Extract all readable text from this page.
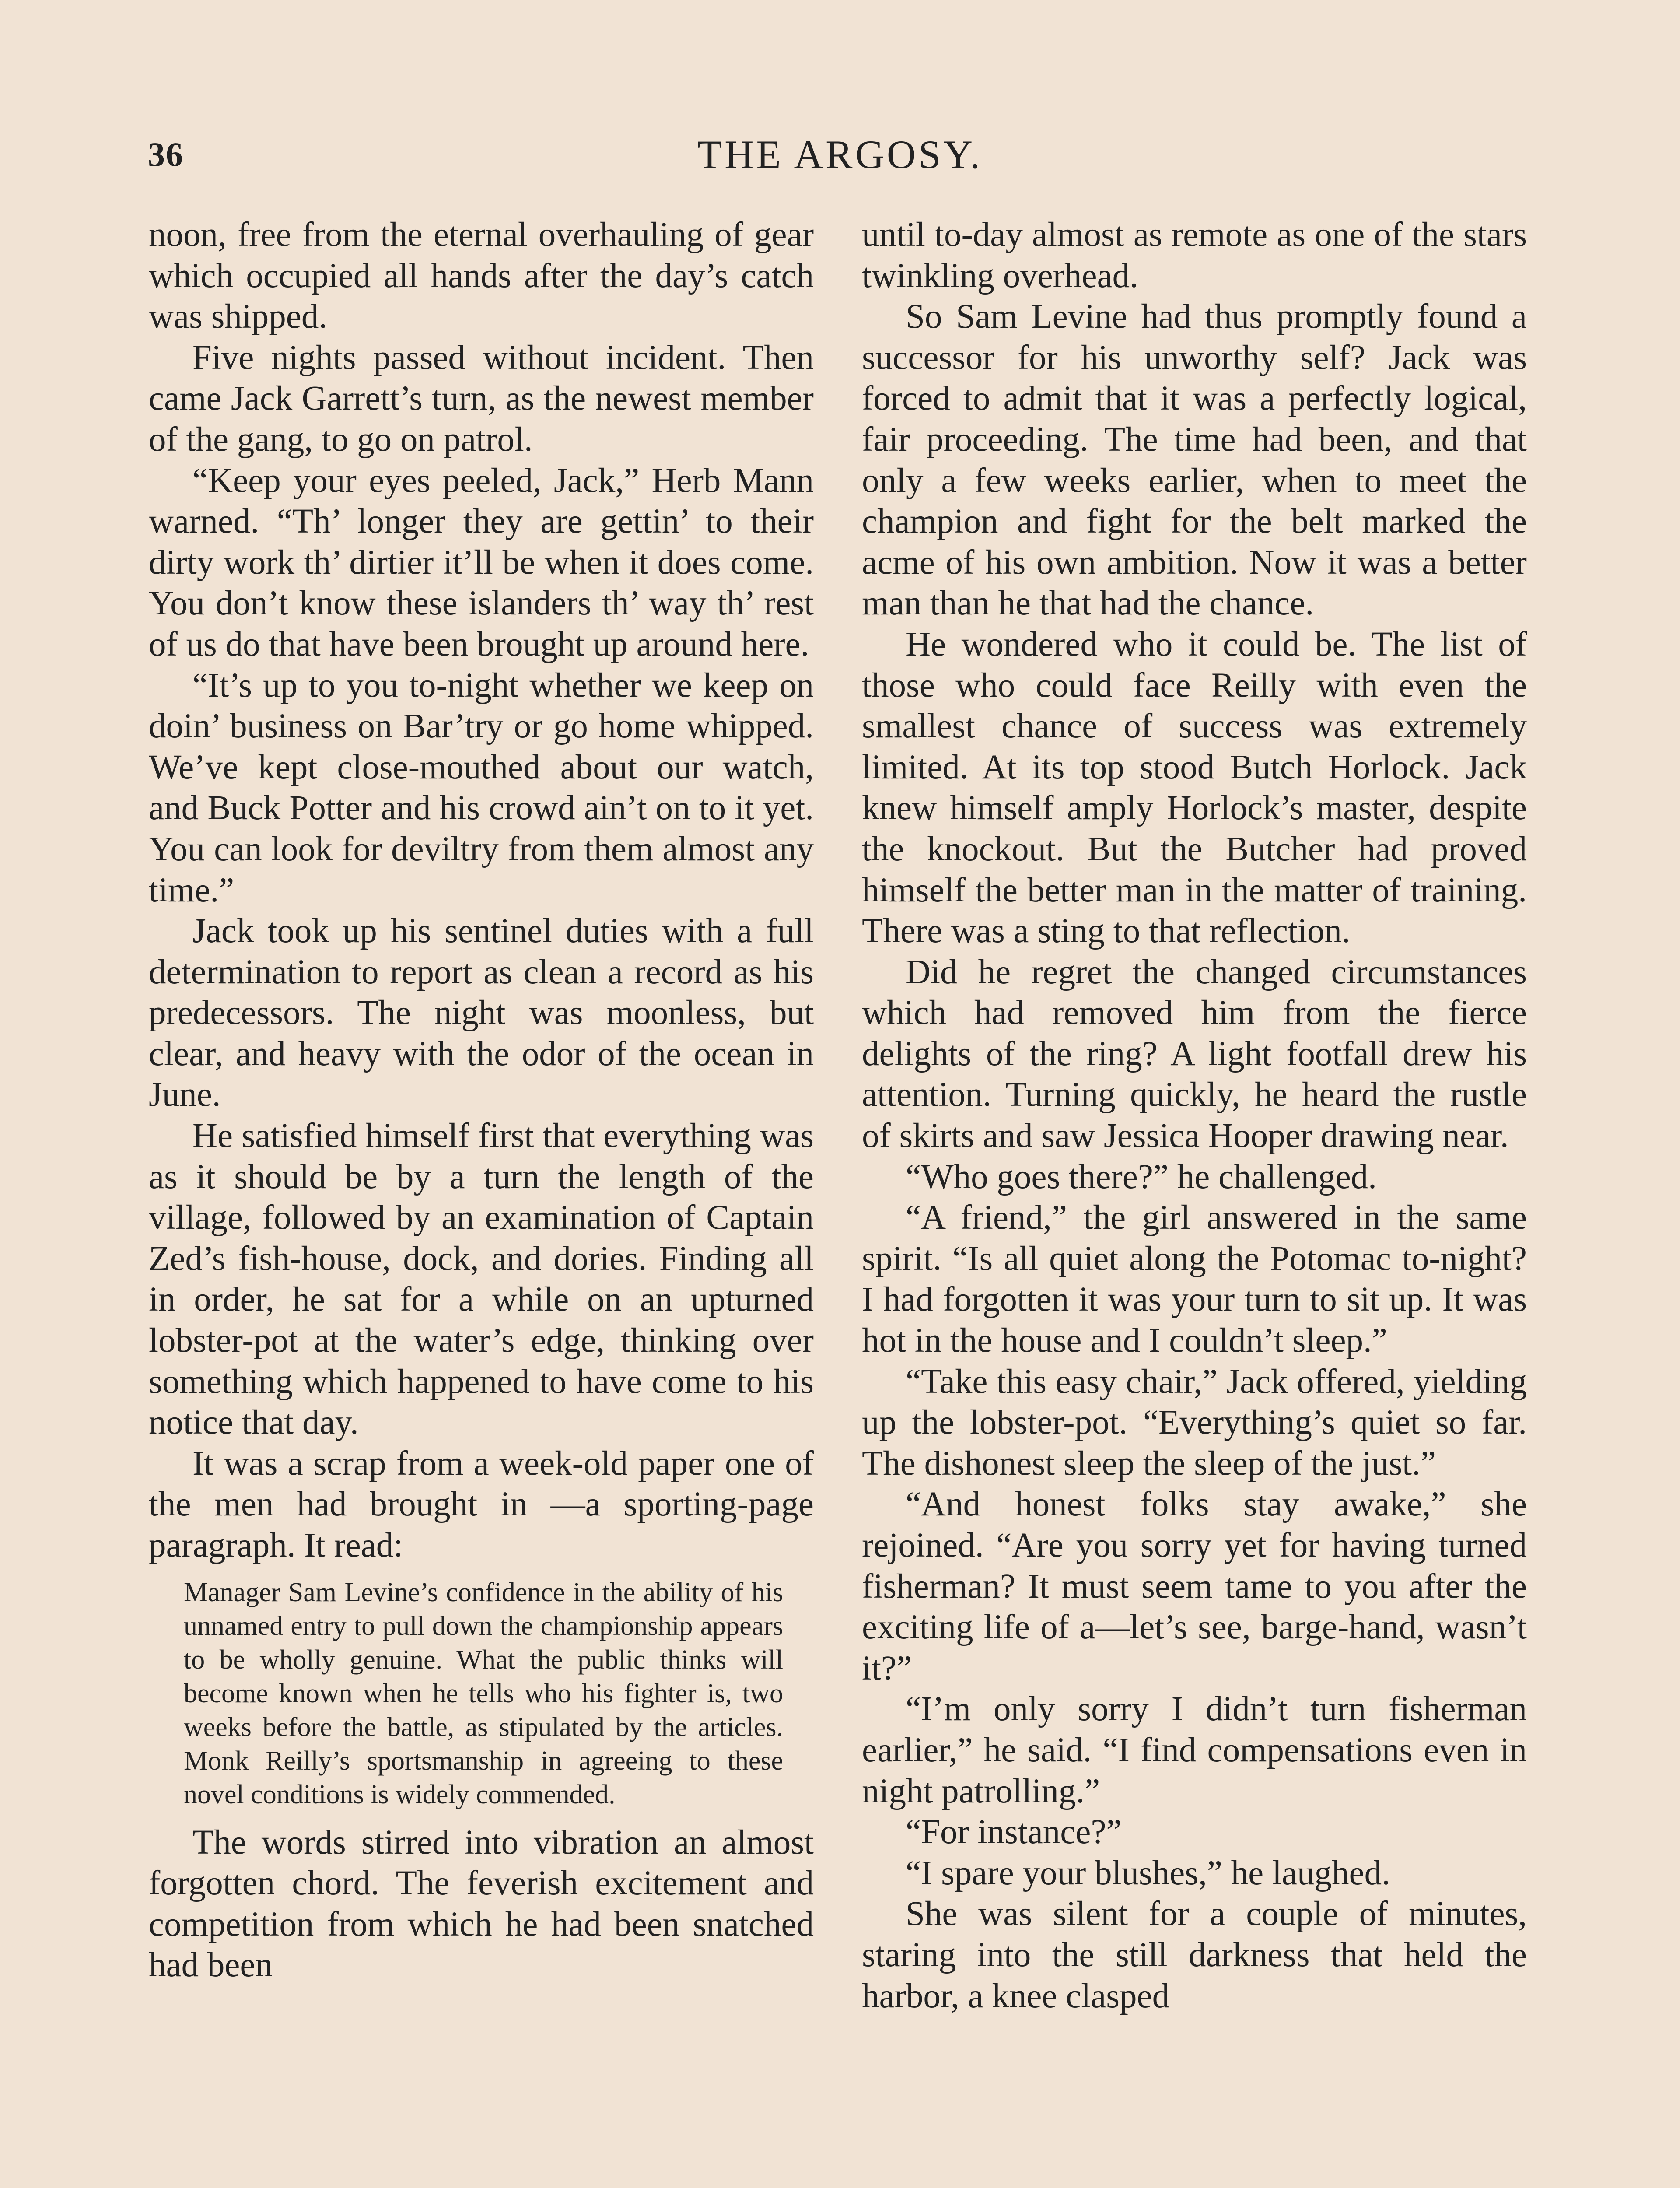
36	THE ARGOSY.

noon, free from the eternal overhauling of gear which occupied all hands after the day’s catch was shipped.

Five nights passed without incident. Then came Jack Garrett’s turn, as the newest member of the gang, to go on patrol.

“Keep your eyes peeled, Jack,” Herb Mann warned. “Th’ longer they are gettin’ to their dirty work th’ dirtier it’ll be when it does come. You don’t know these islanders th’ way th’ rest of us do that have been brought up around here.

“It’s up to you to-night whether we keep on doin’ business on Bar’try or go home whipped. We’ve kept close-mouthed about our watch, and Buck Potter and his crowd ain’t on to it yet. You can look for deviltry from them almost any time.”

Jack took up his sentinel duties with a full determination to report as clean a record as his predecessors. The night was moonless, but clear, and heavy with the odor of the ocean in June.

He satisfied himself first that everything was as it should be by a turn the length of the village, followed by an examination of Captain Zed’s fish-house, dock, and dories. Finding all in order, he sat for a while on an upturned lobster-pot at the water’s edge, thinking over something which happened to have come to his notice that day.

It was a scrap from a week-old paper one of the men had brought in —a sporting-page paragraph. It read:

Manager Sam Levine’s confidence in the ability of his unnamed entry to pull down the championship appears to be wholly genuine. What the public thinks will become known when he tells who his fighter is, two weeks before the battle, as stipulated by the articles. Monk Reilly’s sportsmanship in agreeing to these novel conditions is widely commended.

The words stirred into vibration an almost forgotten chord. The feverish excitement and competition from which he had been snatched had been

until to-day almost as remote as one of the stars twinkling overhead.

So Sam Levine had thus promptly found a successor for his unworthy self? Jack was forced to admit that it was a perfectly logical, fair proceeding. The time had been, and that only a few weeks earlier, when to meet the champion and fight for the belt marked the acme of his own ambition. Now it was a better man than he that had the chance.

He wondered who it could be. The list of those who could face Reilly with even the smallest chance of success was extremely limited. At its top stood Butch Horlock. Jack knew himself amply Horlock’s master, despite the knockout. But the Butcher had proved himself the better man in the matter of training. There was a sting to that reflection.

Did he regret the changed circumstances which had removed him from the fierce delights of the ring? A light footfall drew his attention. Turning quickly, he heard the rustle of skirts and saw Jessica Hooper drawing near.

“Who goes there?” he challenged.

“A friend,” the girl answered in the same spirit. “Is all quiet along the Potomac to-night? I had forgotten it was your turn to sit up. It was hot in the house and I couldn’t sleep.”

“Take this easy chair,” Jack offered, yielding up the lobster-pot. “Everything’s quiet so far. The dishonest sleep the sleep of the just.”

“And honest folks stay awake,” she rejoined. “Are you sorry yet for having turned fisherman? It must seem tame to you after the exciting life of a—let’s see, barge-hand, wasn’t it?”

“I’m only sorry I didn’t turn fisherman earlier,” he said. “I find compensations even in night patrolling.”

“For instance?”

“I spare your blushes,” he laughed.

She was silent for a couple of minutes, staring into the still darkness that held the harbor, a knee clasped
